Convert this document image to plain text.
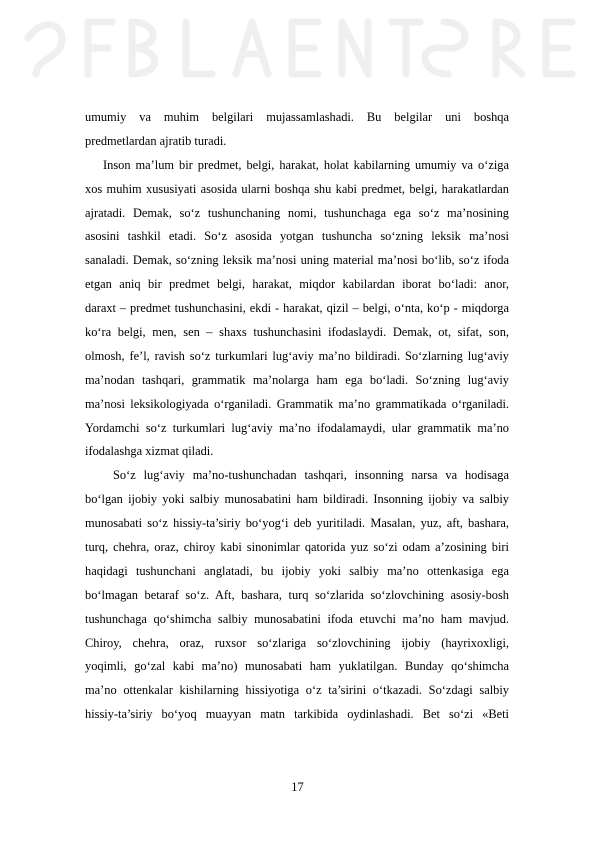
umumiy va muhim belgilari mujassamlashadi. Bu belgilar uni boshqa
predmetlardan ajratib turadi.
Inson ma’lum bir predmet, belgi, harakat, holat kabilarning umumiy va o‘ziga
xos muhim xususiyati asosida ularni boshqa shu kabi predmet, belgi, harakatlardan
ajratadi. Demak, so‘z tushunchaning nomi, tushunchaga ega so‘z ma’nosining
asosini tashkil etadi. So‘z asosida yotgan tushuncha so‘zning leksik ma’nosi
sanaladi. Demak, so‘zning leksik ma’nosi uning material ma’nosi bo‘lib, so‘z ifoda
etgan aniq bir predmet belgi, harakat, miqdor kabilardan iborat bo‘ladi: anor,
daraxt – predmet tushunchasini, ekdi - harakat, qizil – belgi, o‘nta, ko‘p - miqdorga
ko‘ra belgi, men, sen – shaxs tushunchasini ifodaslaydi. Demak, ot, sifat, son,
olmosh, fe’l, ravish so‘z turkumlari lug‘aviy ma’no bildiradi. So‘zlarning lug‘aviy
ma’nodan tashqari, grammatik ma’nolarga ham ega bo‘ladi. So‘zning lug‘aviy
ma’nosi leksikologiyada o‘rganiladi. Grammatik ma’no grammatikada o‘rganiladi.
Yordamchi so‘z turkumlari lug‘aviy ma’no ifodalamaydi, ular grammatik ma’no
ifodalashga xizmat qiladi.
So‘z lug‘aviy ma’no-tushunchadan tashqari, insonning narsa va hodisaga
bo‘lgan ijobiy yoki salbiy munosabatini ham bildiradi. Insonning ijobiy va salbiy
munosabati so‘z hissiy-ta’siriy bo‘yog‘i deb yuritiladi. Masalan, yuz, aft, bashara,
turq, chehra, oraz, chiroy kabi sinonimlar qatorida yuz so‘zi odam a’zosining biri
haqidagi tushunchani anglatadi, bu ijobiy yoki salbiy ma’no ottenkasiga ega
bo‘lmagan betaraf so‘z. Aft, bashara, turq so‘zlarida so‘zlovchining asosiy-bosh
tushunchaga qo‘shimcha salbiy munosabatini ifoda etuvchi ma’no ham mavjud.
Chiroy, chehra, oraz, ruxsor so‘zlariga so‘zlovchining ijobiy (hayrixoxligi,
yoqimli, go‘zal kabi ma’no) munosabati ham yuklatilgan. Bunday qo‘shimcha
ma’no ottenkalar kishilarning hissiyotiga o‘z ta’sirini o‘tkazadi. So‘zdagi salbiy
hissiy-ta’siriy bo‘yoq muayyan matn tarkibida oydinlashadi. Bet so‘zi «Beti
17
